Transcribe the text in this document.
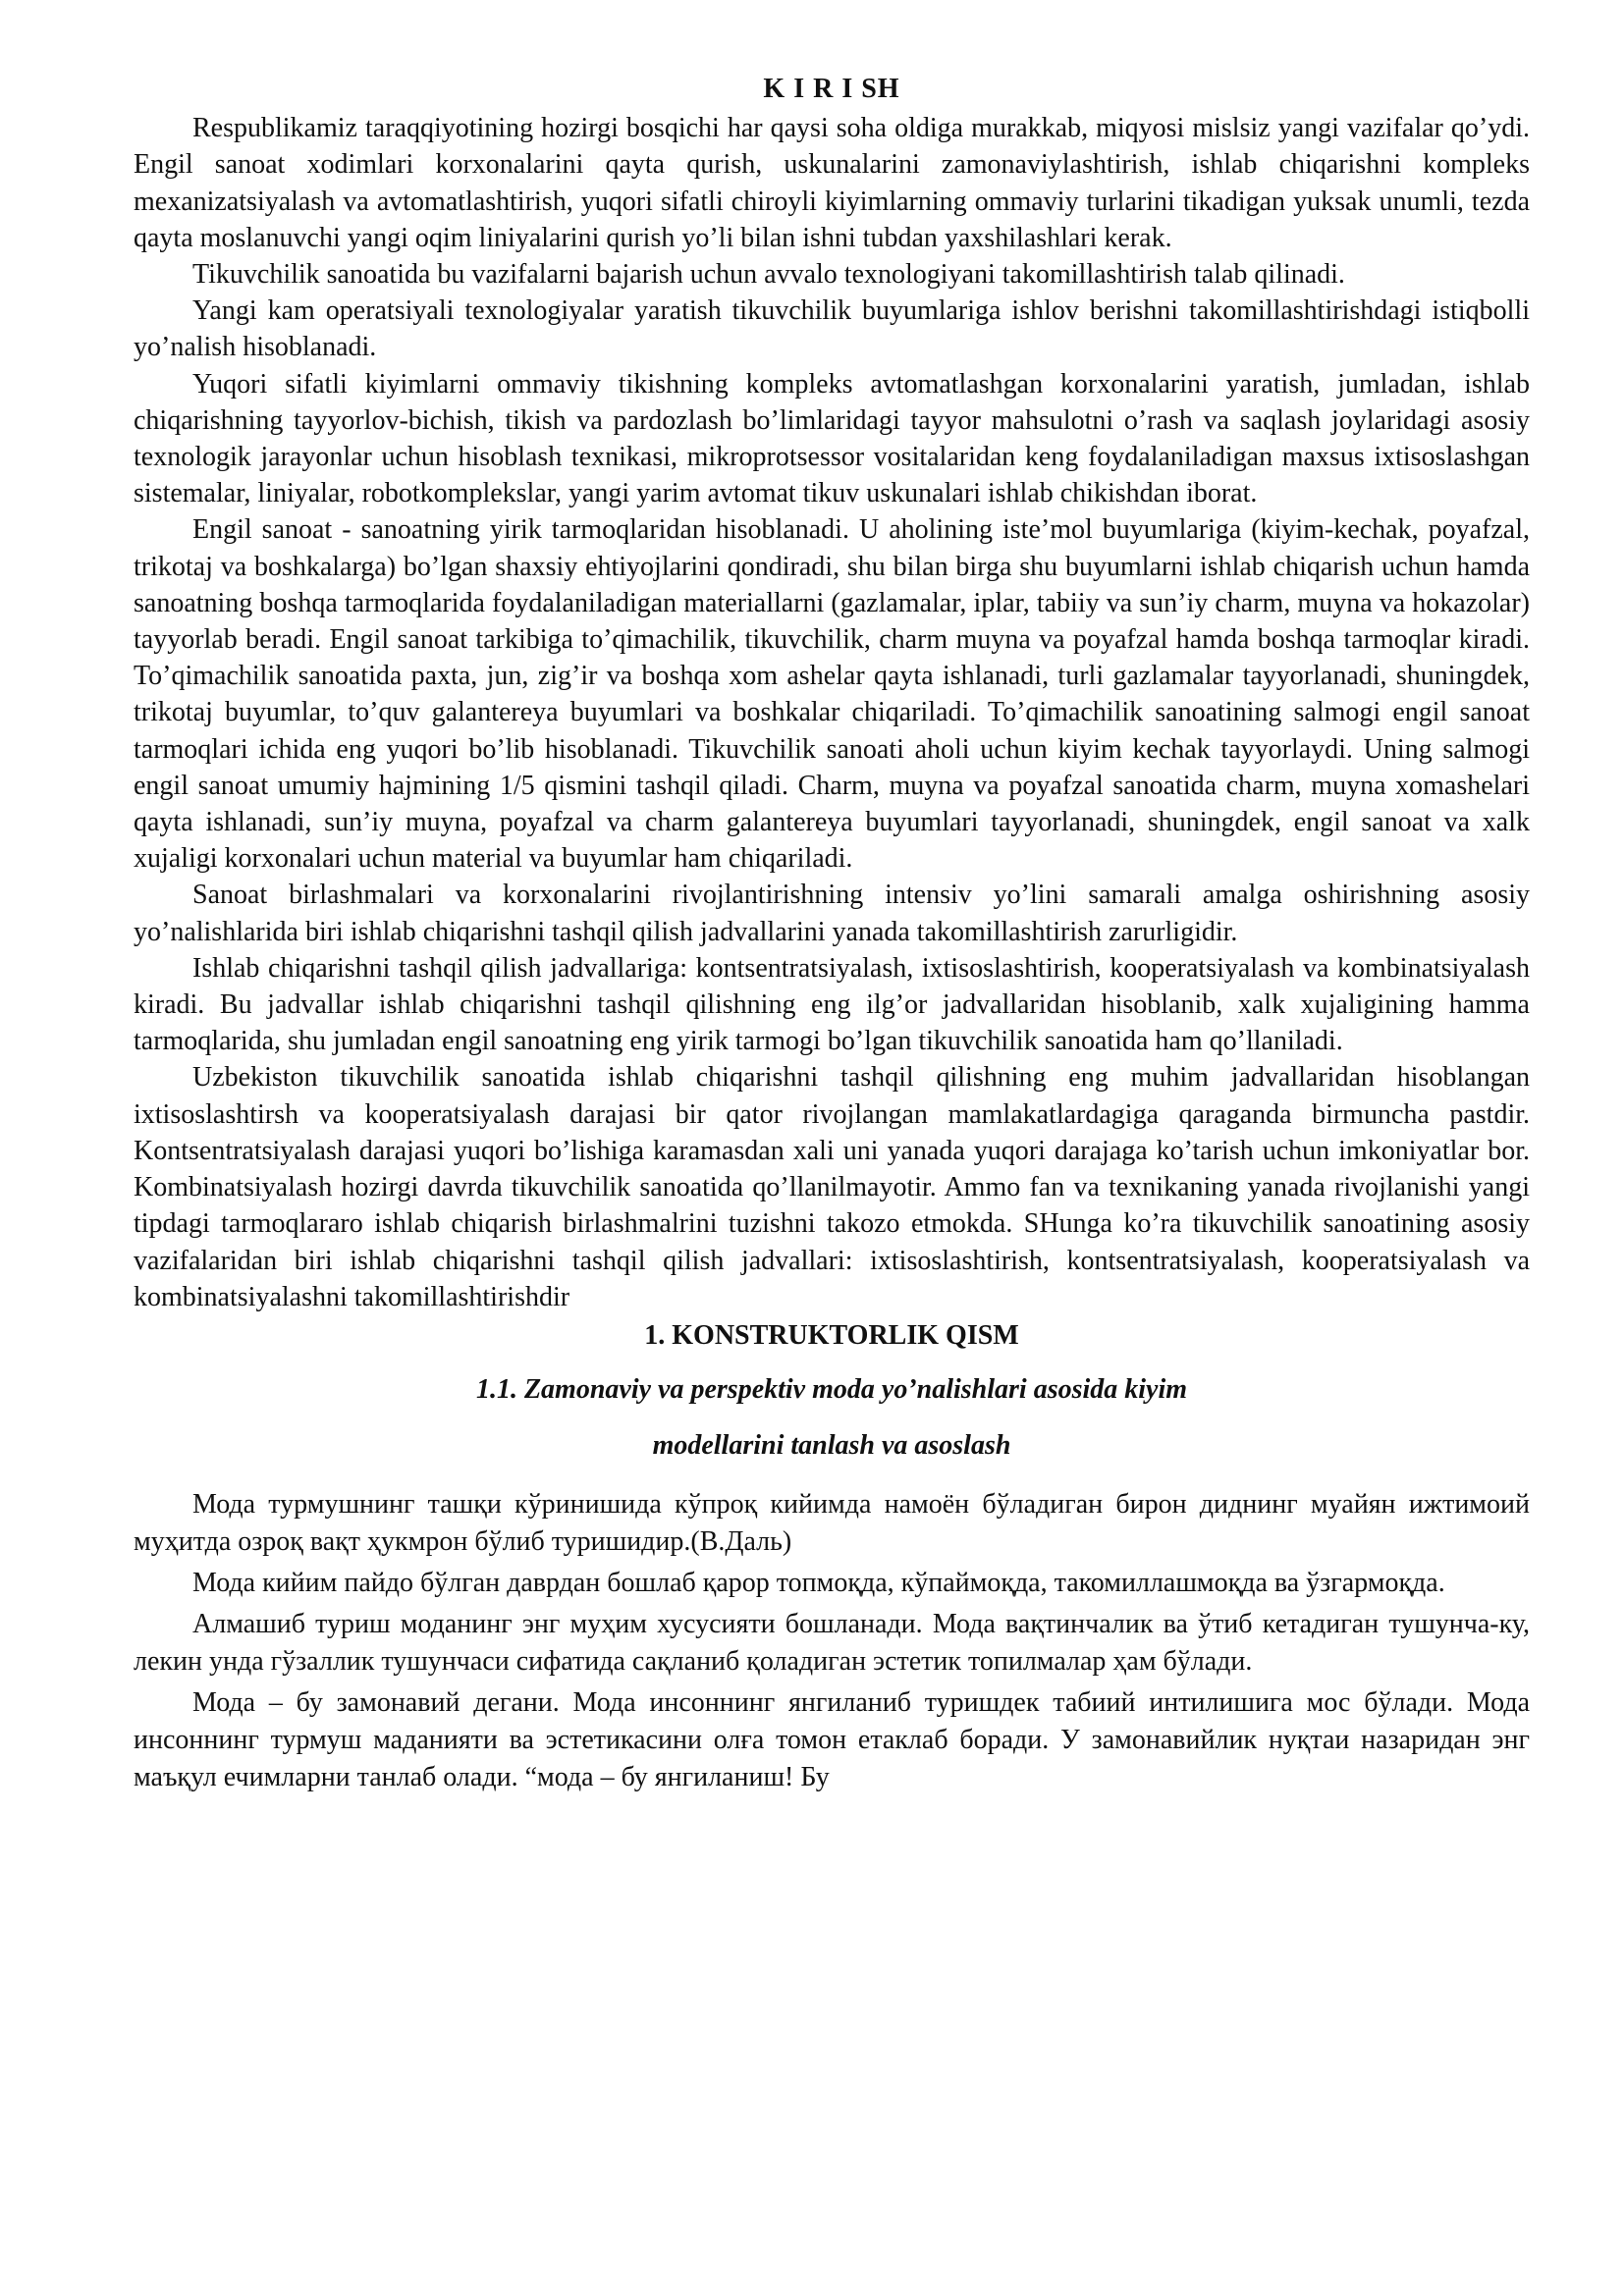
K I R I SH

Respublikamiz taraqqiyotining hozirgi bosqichi har qaysi soha oldiga murakkab, miqyosi mislsiz yangi vazifalar qo’ydi. Engil sanoat xodimlari korxonalarini qayta qurish, uskunalarini zamonaviylashtirish, ishlab chiqarishni kompleks mexanizatsiyalash va avtomatlashtirish, yuqori sifatli chiroyli kiyimlarning ommaviy turlarini tikadigan yuksak unumli, tezda qayta moslanuvchi yangi oqim liniyalarini qurish yo’li bilan ishni tubdan yaxshilashlari kerak.

Tikuvchilik sanoatida bu vazifalarni bajarish uchun avvalo texnologiyani takomillashtirish talab qilinadi.

Yangi kam operatsiyali texnologiyalar yaratish tikuvchilik buyumlariga ishlov berishni takomillashtirishdagi istiqbolli yo’nalish hisoblanadi.

Yuqori sifatli kiyimlarni ommaviy tikishning kompleks avtomatlashgan korxonalarini yaratish, jumladan, ishlab chiqarishning tayyorlov-bichish, tikish va pardozlash bo’limlaridagi tayyor mahsulotni o’rash va saqlash joylaridagi asosiy texnologik jarayonlar uchun hisoblash texnikasi, mikroprotsessor vositalaridan keng foydalaniladigan maxsus ixtisoslashgan sistemalar, liniyalar, robotkomplekslar, yangi yarim avtomat tikuv uskunalari ishlab chikishdan iborat.

Engil sanoat - sanoatning yirik tarmoqlaridan hisoblanadi. U aholining iste’mol buyumlariga (kiyim-kechak, poyafzal, trikotaj va boshkalarga) bo’lgan shaxsiy ehtiyojlarini qondiradi, shu bilan birga shu buyumlarni ishlab chiqarish uchun hamda sanoatning boshqa tarmoqlarida foydalaniladigan materiallarni (gazlamalar, iplar, tabiiy va sun’iy charm, muyna va hokazolar) tayyorlab beradi. Engil sanoat tarkibiga to’qimachilik, tikuvchilik, charm muyna va poyafzal hamda boshqa tarmoqlar kiradi. To’qimachilik sanoatida paxta, jun, zig’ir va boshqa xom ashelar qayta ishlanadi, turli gazlamalar tayyorlanadi, shuningdek, trikotaj buyumlar, to’quv galantereya buyumlari va boshkalar chiqariladi. To’qimachilik sanoatining salmogi engil sanoat tarmoqlari ichida eng yuqori bo’lib hisoblanadi. Tikuvchilik sanoati aholi uchun kiyim kechak tayyorlaydi. Uning salmogi engil sanoat umumiy hajmining 1/5 qismini tashqil qiladi. Charm, muyna va poyafzal sanoatida charm, muyna xomashelari qayta ishlanadi, sun’iy muyna, poyafzal va charm galantereya buyumlari tayyorlanadi, shuningdek, engil sanoat va xalk xujaligi korxonalari uchun material va buyumlar ham chiqariladi.

Sanoat birlashmalari va korxonalarini rivojlantirishning intensiv yo’lini samarali amalga oshirishning asosiy yo’nalishlarida biri ishlab chiqarishni tashqil qilish jadvallarini yanada takomillashtirish zarurligidir.

Ishlab chiqarishni tashqil qilish jadvallariga: kontsentratsiyalash, ixtisoslashtirish, kooperatsiyalash va kombinatsiyalash kiradi. Bu jadvallar ishlab chiqarishni tashqil qilishning eng ilg’or jadvallaridan hisoblanib, xalk xujaligining hamma tarmoqlarida, shu jumladan engil sanoatning eng yirik tarmogi bo’lgan tikuvchilik sanoatida ham qo’llaniladi.

Uzbekiston tikuvchilik sanoatida ishlab chiqarishni tashqil qilishning eng muhim jadvallaridan hisoblangan ixtisoslashtirsh va kooperatsiyalash darajasi bir qator rivojlangan mamlakatlardagiga qaraganda birmuncha pastdir. Kontsentratsiyalash darajasi yuqori bo’lishiga karamasdan xali uni yanada yuqori darajaga ko’tarish uchun imkoniyatlar bor. Kombinatsiyalash hozirgi davrda tikuvchilik sanoatida qo’llanilmayotir. Ammo fan va texnikaning yanada rivojlanishi yangi tipdagi tarmoqlararo ishlab chiqarish birlashmalrini tuzishni takozo etmokda. SHunga ko’ra tikuvchilik sanoatining asosiy vazifalaridan biri ishlab chiqarishni tashqil qilish jadvallari: ixtisoslashtirish, kontsentratsiyalash, kooperatsiyalash va kombinatsiyalashni takomillashtirishdir

1. KONSTRUKTORLIK QISM
1.1. Zamonaviy va perspektiv moda yo’nalishlari asosida kiyim
modellarini tanlash va asoslash

Мода турмушнинг ташқи кўринишида кўпроқ кийимда намоён бўладиган бирон диднинг муайян ижтимоий муҳитда озроқ вақт ҳукмрон бўлиб туришидир.(В.Даль)

Мода кийим пайдо бўлган даврдан бошлаб қарор топмоқда, кўпаймоқда, такомиллашмоқда ва ўзгармоқда.

Алмашиб туриш моданинг энг муҳим хусусияти бошланади. Мода вақтинчалик ва ўтиб кетадиган тушунча-ку, лекин унда гўзаллик тушунчаси сифатида сақланиб қоладиган эстетик топилмалар ҳам бўлади.

Мода – бу замонавий дегани. Мода инсоннинг янгиланиб туришдек табиий интилишига мос бўлади. Мода инсоннинг турмуш маданияти ва эстетикасини олға томон етаклаб боради. У замонавийлик нуқтаи назаридан энг маъқул ечимларни танлаб олади. “мода – бу янгиланиш! Бу
